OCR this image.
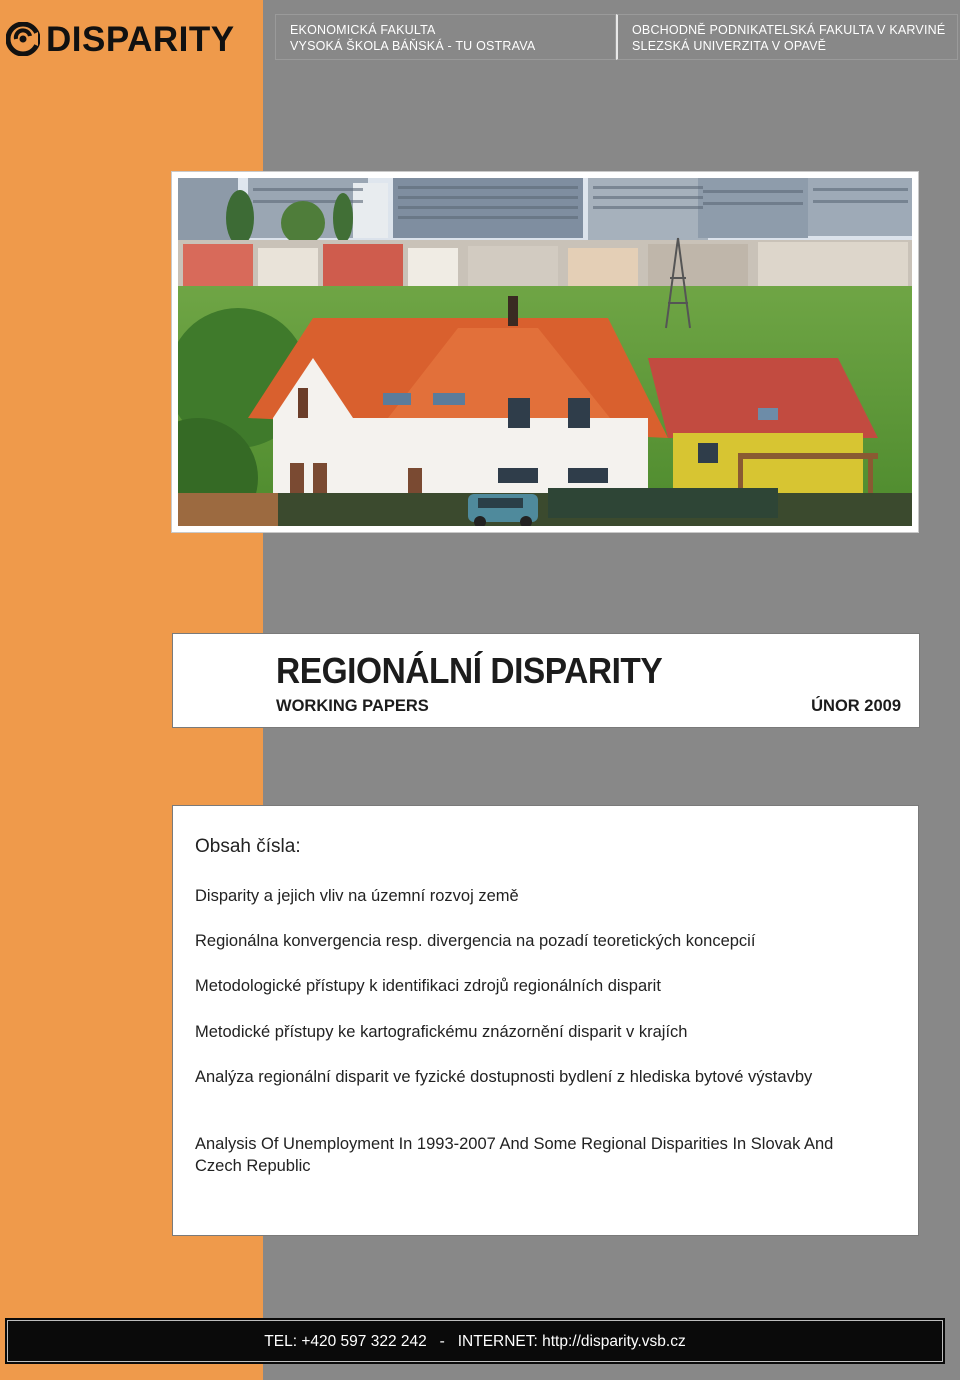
DISPARITY	EKONOMICKÁ FAKULTA
VYSOKÁ ŠKOLA BÁŇSKÁ - TU OSTRAVA
OBCHODNĚ PODNIKATELSKÁ FAKULTA V KARVINÉ
SLEZSKÁ UNIVERZITA V OPAVĚ
REGIONÁLNÍ DISPARITY
WORKING PAPERS	ÚNOR 2009
Obsah čísla:
Disparity a jejich vliv na územní rozvoj země
Regionálna konvergencia resp. divergencia na pozadí teoretických koncepcií
Metodologické přístupy k identifikaci zdrojů regionálních disparit
Metodické přístupy ke kartografickému znázornění disparit v krajích
Analýza regionální disparit ve fyzické dostupnosti bydlení z hlediska bytové výstavby
Analysis Of Unemployment In 1993-2007 And Some Regional Disparities In Slovak And Czech Republic
TEL: +420 597 322 242   -   INTERNET: http://disparity.vsb.cz
